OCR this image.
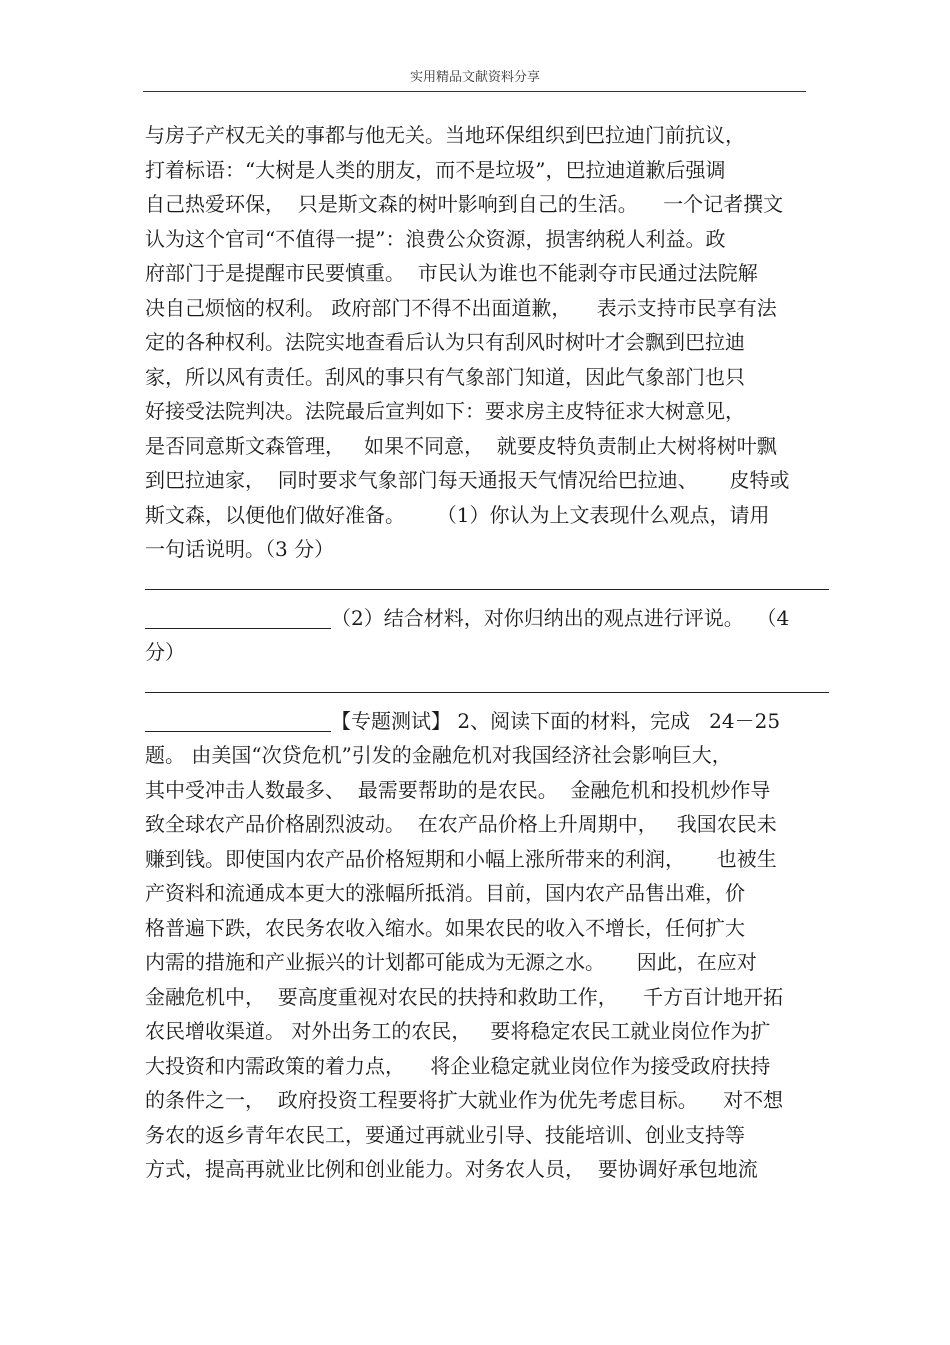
实用精品文献资料分享
与房子产权无关的事都与他无关。当地环保组织到巴拉迪门前抗议，
打着标语：“大树是人类的朋友，而不是垃圾”，巴拉迪道歉后强调
自己热爱环保，  只是斯文森的树叶影响到自己的生活。    一个记者撰文
认为这个官司“不值得一提”：浪费公众资源，损害纳税人利益。政
府部门于是提醒市民要慎重。  市民认为谁也不能剥夺市民通过法院解
决自己烦恼的权利。 政府部门不得不出面道歉，    表示支持市民享有法
定的各种权利。法院实地查看后认为只有刮风时树叶才会飘到巴拉迪
家，所以风有责任。刮风的事只有气象部门知道，因此气象部门也只
好接受法院判决。法院最后宣判如下：要求房主皮特征求大树意见，
是否同意斯文森管理，   如果不同意，  就要皮特负责制止大树将树叶飘
到巴拉迪家，  同时要求气象部门每天通报天气情况给巴拉迪、     皮特或
斯文森，以便他们做好准备。     （1）你认为上文表现什么观点，请用
一句话说明。（3 分）
（2）结合材料，对你归纳出的观点进行评说。  （4
分）
【专题测试】 2、阅读下面的材料，完成   24－25
题。 由美国“次贷危机”引发的金融危机对我国经济社会影响巨大，
其中受冲击人数最多、  最需要帮助的是农民。  金融危机和投机炒作导
致全球农产品价格剧烈波动。  在农产品价格上升周期中，   我国农民未
赚到钱。即使国内农产品价格短期和小幅上涨所带来的利润，     也被生
产资料和流通成本更大的涨幅所抵消。目前，国内农产品售出难，价
格普遍下跌，农民务农收入缩水。如果农民的收入不增长，任何扩大
内需的措施和产业振兴的计划都可能成为无源之水。     因此，在应对
金融危机中，  要高度重视对农民的扶持和救助工作，    千方百计地开拓
农民增收渠道。 对外出务工的农民，   要将稳定农民工就业岗位作为扩
大投资和内需政策的着力点，    将企业稳定就业岗位作为接受政府扶持
的条件之一，  政府投资工程要将扩大就业作为优先考虑目标。    对不想
务农的返乡青年农民工，要通过再就业引导、技能培训、创业支持等
方式，提高再就业比例和创业能力。对务农人员，  要协调好承包地流
